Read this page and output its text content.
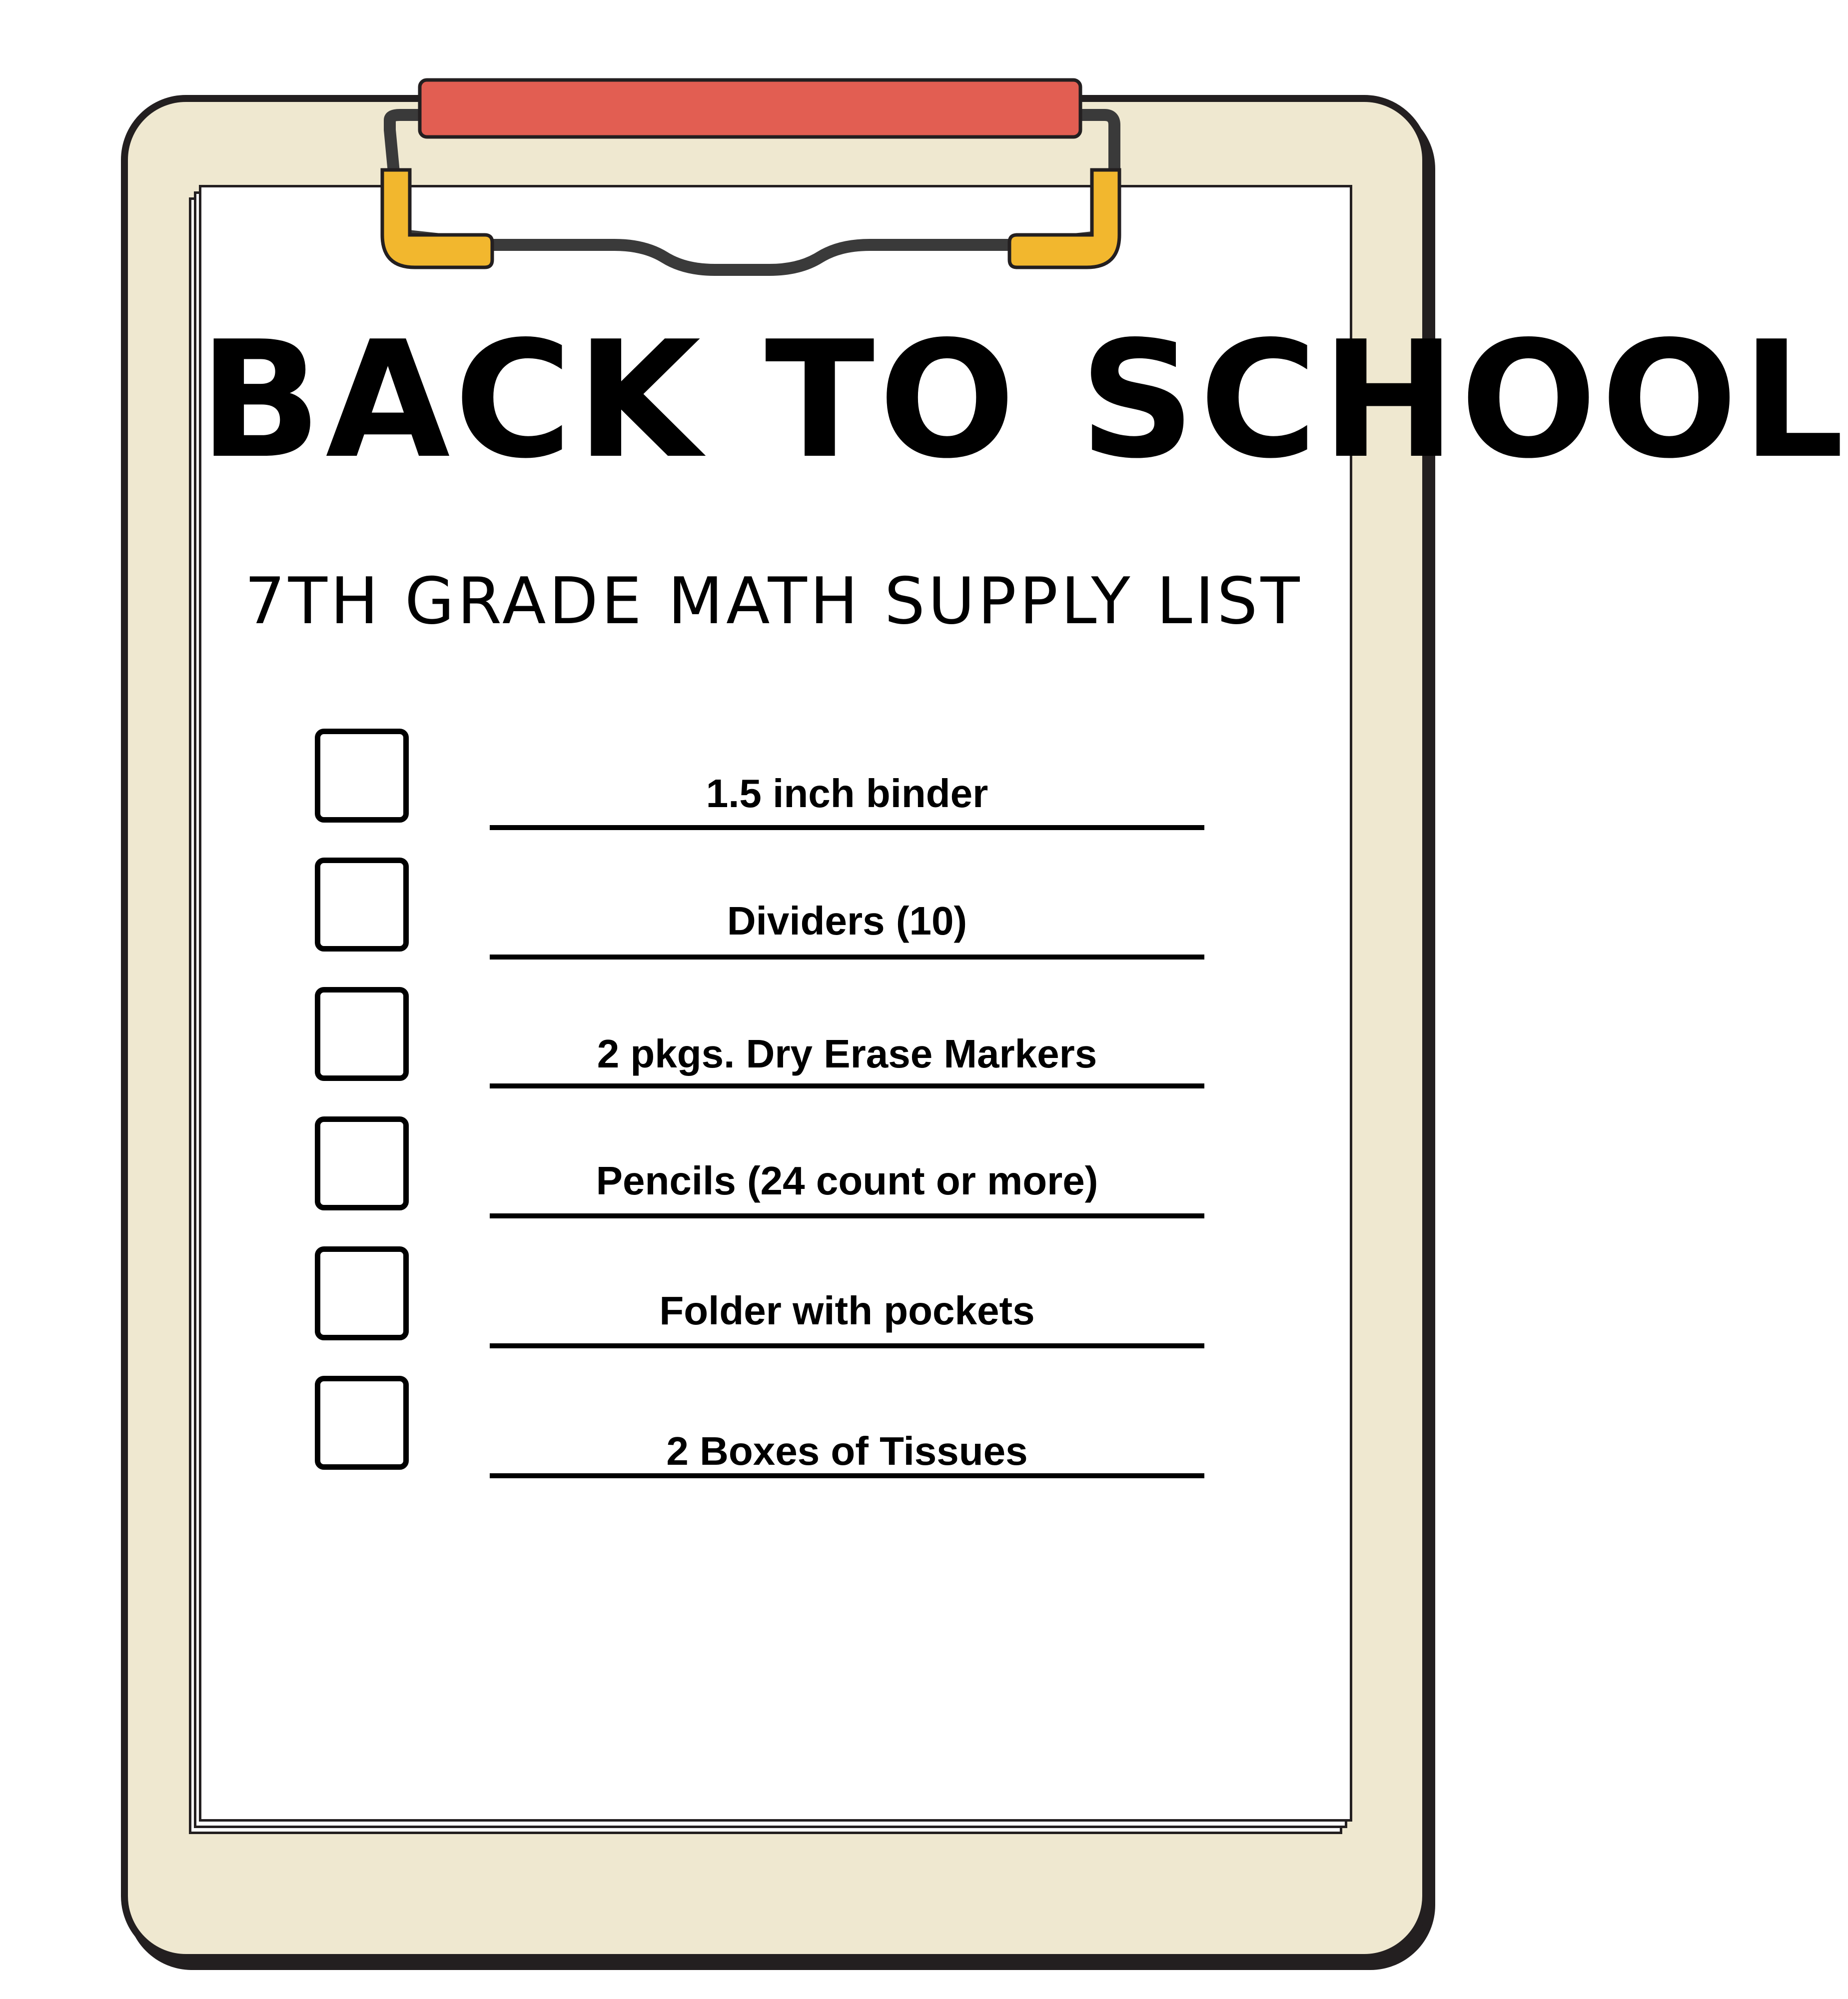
BACK TO SCHOOL
7TH GRADE MATH SUPPLY LIST
1.5 inch binder
Dividers (10)
2 pkgs. Dry Erase Markers
Pencils (24 count or more)
Folder with pockets
2 Boxes of Tissues
